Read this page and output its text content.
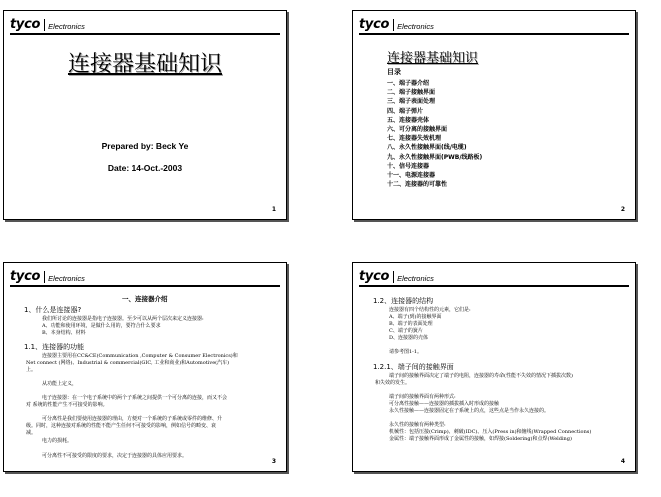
tyco Electronics
连接器基础知识
Prepared by: Beck Ye
Date: 14-Oct.-2003
1
tyco Electronics
连接器基础知识
目录
一、端子器介绍
二、端子接触界面
三、端子表面处理
四、端子弹片
五、连接器壳体
六、可分离的接触界面
七、连接器失效机理
八、永久性接触界面(线/电缆)
九、永久性接触界面(PWB/线路板)
十、信号连接器
十一、电源连接器
十二、连接器的可靠性
2
tyco Electronics
一、连接器介绍
1、什么是连接器?
我们所讨论的连接器是指电子连接器。至少可以从两个层次来定义连接器:
A、功能和使用环境，是做什么用的，要符合什么要求
B、本身结构、材料
1.1、连接器的功能
连接器主要用在CC&CE(Communication ,Computer & Consumer Electronics)和
Net connect (网络)、Industrial & commercial(GIC, 工业和商业)和Automotive(汽车)
上。
从功能上定义，
电子连接器：在一个电子系统中的两个子系统之间提供一个可分离的连接，而又不会
对 系统的性能产生不可接受的影响。
可分离性是我们要使用连接器的理由，方便对一个系统的子系统或零件的维修、升
级。同时，这种连接对系统的性能不能产生任何不可接受的影响，例如信号的畸变、衰
减。
电力的损耗。
可分离性不可接受的限度的要求，决定于连接器的具体应用要求。
3
tyco Electronics
1.2、连接器的结构
连接器有四个结构性的元素，它们是:
A、端子(到)的接触界面
B、端子的表面处理
C、端子的簧片
D、连接器的壳体
请参考图1-1。
1.2.1、端子间的接触界面
端子间的接触界面决定了端子的电阻，连接器的寿命(性能不失效的情况下插拔次数)
和失效的发生。
端子间的接触界面有两种形式:
可分离性接触——连接器的插拔插入时形成的接触
永久性接触——连接器固定在子系统上的点，这些点是当作永久连接的。
永久性的接触有两种类型:
机械性：包括压接(Crimp)、刺破(IDC)、压入(Press in)和缠线(Wrapped Connections)
金属性：端子接触界面形成了金属性的接触，如焊接(Soldering)和点焊(Welding)
4
